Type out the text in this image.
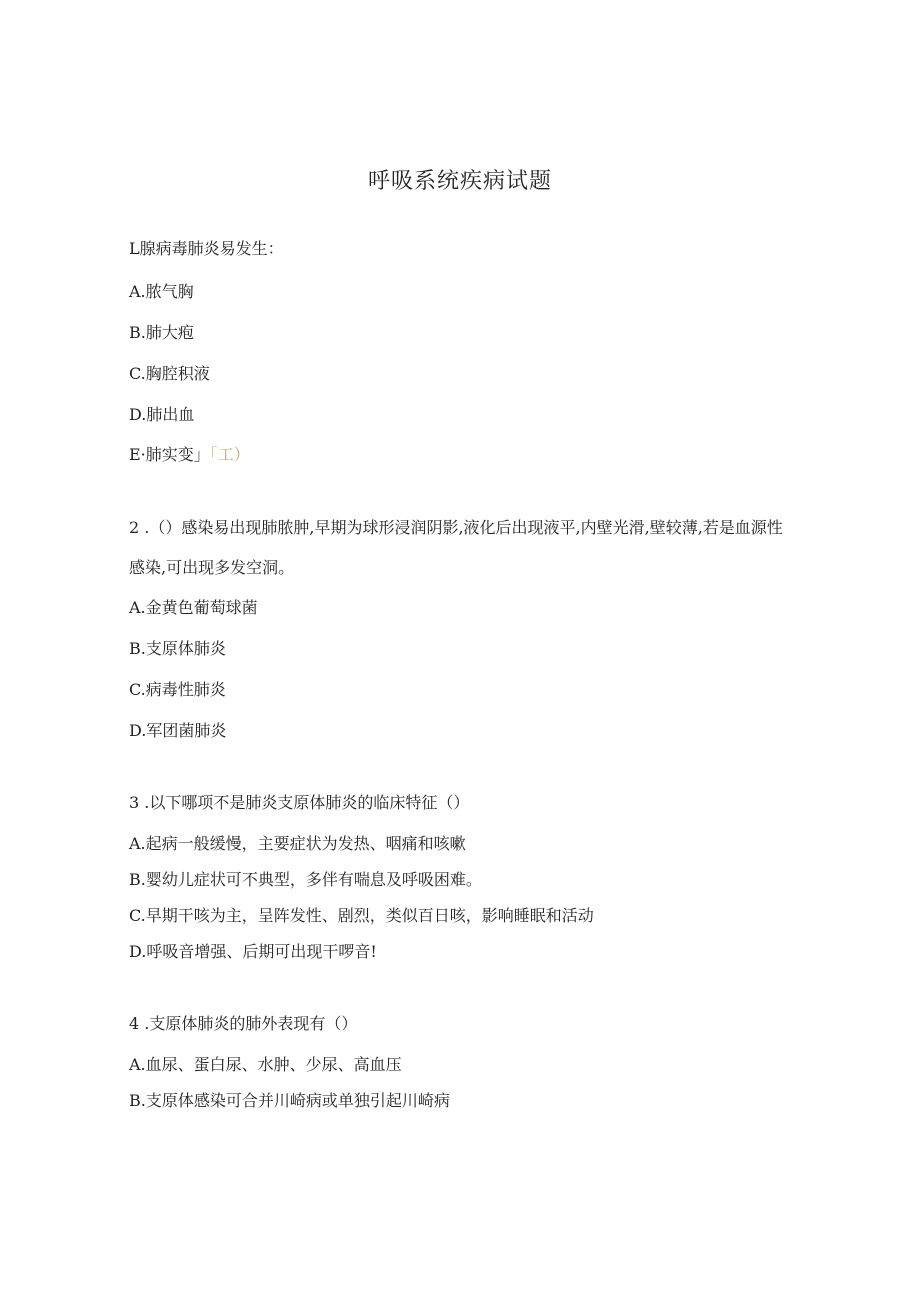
呼吸系统疾病试题
L腺病毒肺炎易发生：
A.脓气胸
B.肺大疱
C.胸腔积液
D.肺出血
E·肺实变」「工）
2 .（）感染易出现肺脓肿,早期为球形浸润阴影,液化后出现液平,内壁光滑,壁较薄,若是血源性感染,可出现多发空洞。
A.金黄色葡萄球菌
B.支原体肺炎
C.病毒性肺炎
D.军团菌肺炎
3 .以下哪项不是肺炎支原体肺炎的临床特征（）
A.起病一般缓慢，主要症状为发热、咽痛和咳嗽
B.婴幼儿症状可不典型，多伴有喘息及呼吸困难。
C.早期干咳为主，呈阵发性、剧烈，类似百日咳，影响睡眠和活动
D.呼吸音增强、后期可出现干啰音!
4 .支原体肺炎的肺外表现有（）
A.血尿、蛋白尿、水肿、少尿、高血压
B.支原体感染可合并川崎病或单独引起川崎病
